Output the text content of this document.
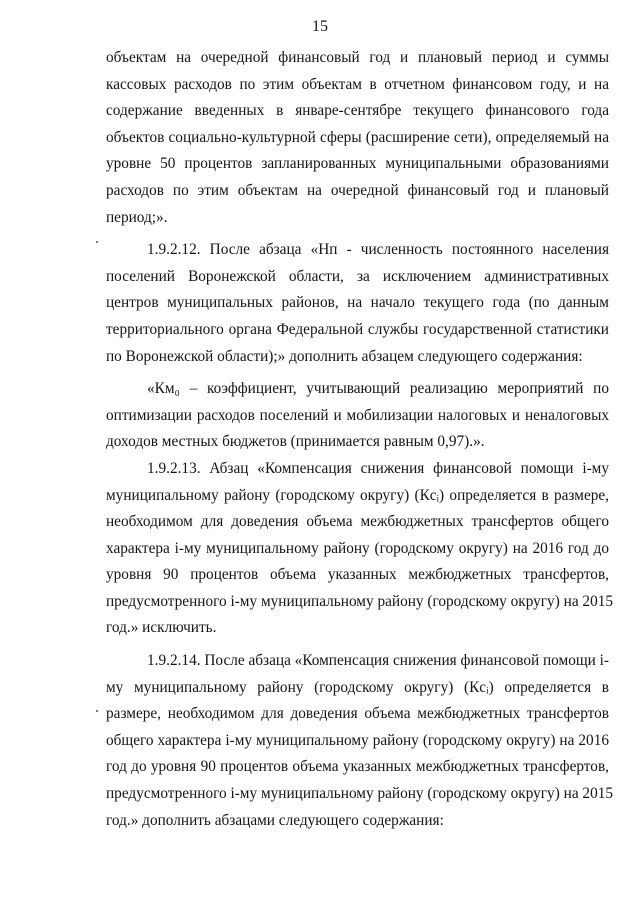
15
объектам на очередной финансовый год и плановый период и суммы
кассовых расходов по этим объектам в отчетном финансовом году, и на
содержание введенных в январе-сентябре текущего финансового года
объектов социально-культурной сферы (расширение сети), определяемый на
уровне 50 процентов запланированных муниципальными образованиями
расходов по этим объектам на очередной финансовый год и плановый
период;».
1.9.2.12. После абзаца «Нп - численность постоянного населения
поселений Воронежской области, за исключением административных
центров муниципальных районов, на начало текущего года (по данным
территориального органа Федеральной службы государственной статистики
по Воронежской области);» дополнить абзацем следующего содержания:
«Км₀ – коэффициент, учитывающий реализацию мероприятий по
оптимизации расходов поселений и мобилизации налоговых и неналоговых
доходов местных бюджетов (принимается равным 0,97).».
1.9.2.13. Абзац «Компенсация снижения финансовой помощи i-му
муниципальному району (городскому округу) (Кcᵢ) определяется в размере,
необходимом для доведения объема межбюджетных трансфертов общего
характера i-му муниципальному району (городскому округу) на 2016 год до
уровня 90 процентов объема указанных межбюджетных трансфертов,
предусмотренного i-му муниципальному району (городскому округу) на 2015
год.» исключить.
1.9.2.14. После абзаца «Компенсация снижения финансовой помощи i-
му муниципальному району (городскому округу) (Кcᵢ) определяется в
размере, необходимом для доведения объема межбюджетных трансфертов
общего характера i-му муниципальному району (городскому округу) на 2016
год до уровня 90 процентов объема указанных межбюджетных трансфертов,
предусмотренного i-му муниципальному району (городскому округу) на 2015
год.» дополнить абзацами следующего содержания:
